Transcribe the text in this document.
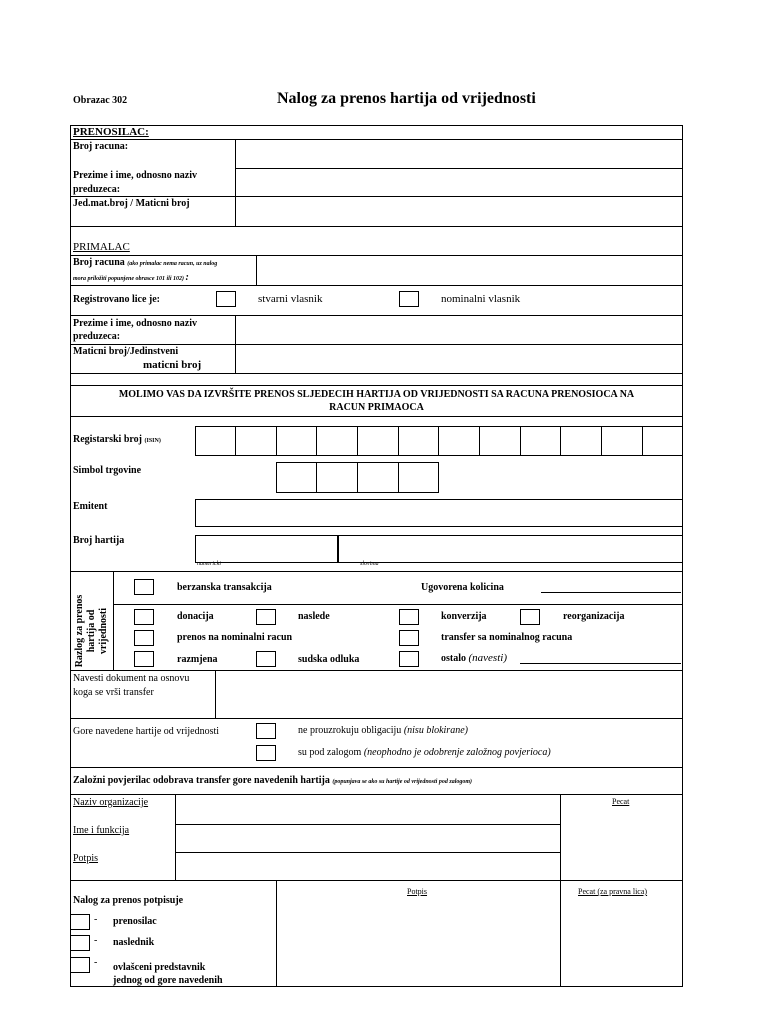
Obrazac 302	Nalog za prenos hartija od vrijednosti
PRENOSILAC:
Broj racuna:
Prezime i ime, odnosno naziv
preduzeca:
Jed.mat.broj / Maticni broj
PRIMALAC
Broj racuna (ako primalac nema racun, uz nalog
mora priložiti popunjene obrasce 101 ili 102) :
Registrovano lice je:	stvarni vlasnik	nominalni vlasnik
Prezime i ime, odnosno naziv
preduzeca:
Maticni broj/Jedinstveni
maticni broj
MOLIMO VAS DA IZVRŠITE PRENOS SLJEDECIH HARTIJA OD VRIJEDNOSTI SA RACUNA PRENOSIOCA NA
RACUN PRIMAOCA
Registarski broj (ISIN)
Simbol trgovine
Emitent
Broj hartija
numericki	slovima
Razlog za prenos hartija od vrijednosti
berzanska transakcija	Ugovorena kolicina
donacija	naslede	konverzija	reorganizacija
prenos na nominalni racun	transfer sa nominalnog racuna
razmjena	sudska odluka	ostalo (navesti)
Navesti dokument na osnovu
koga se vrši transfer
Gore navedene hartije od vrijednosti	ne prouzrokuju obligaciju (nisu blokirane)
su pod zalogom (neophodno je odobrenje založnog povjerioca)
Založni povjerilac odobrava transfer gore navedenih hartija (popunjava se ako su hartije od vrijednosti pod zalogom)
Naziv organizacije
Ime i funkcija
Potpis
Pecat
Nalog za prenos potpisuje
Potpis	Pecat (za pravna lica)
- prenosilac
- naslednik
- ovlašceni predstavnik
jednog od gore navedenih
